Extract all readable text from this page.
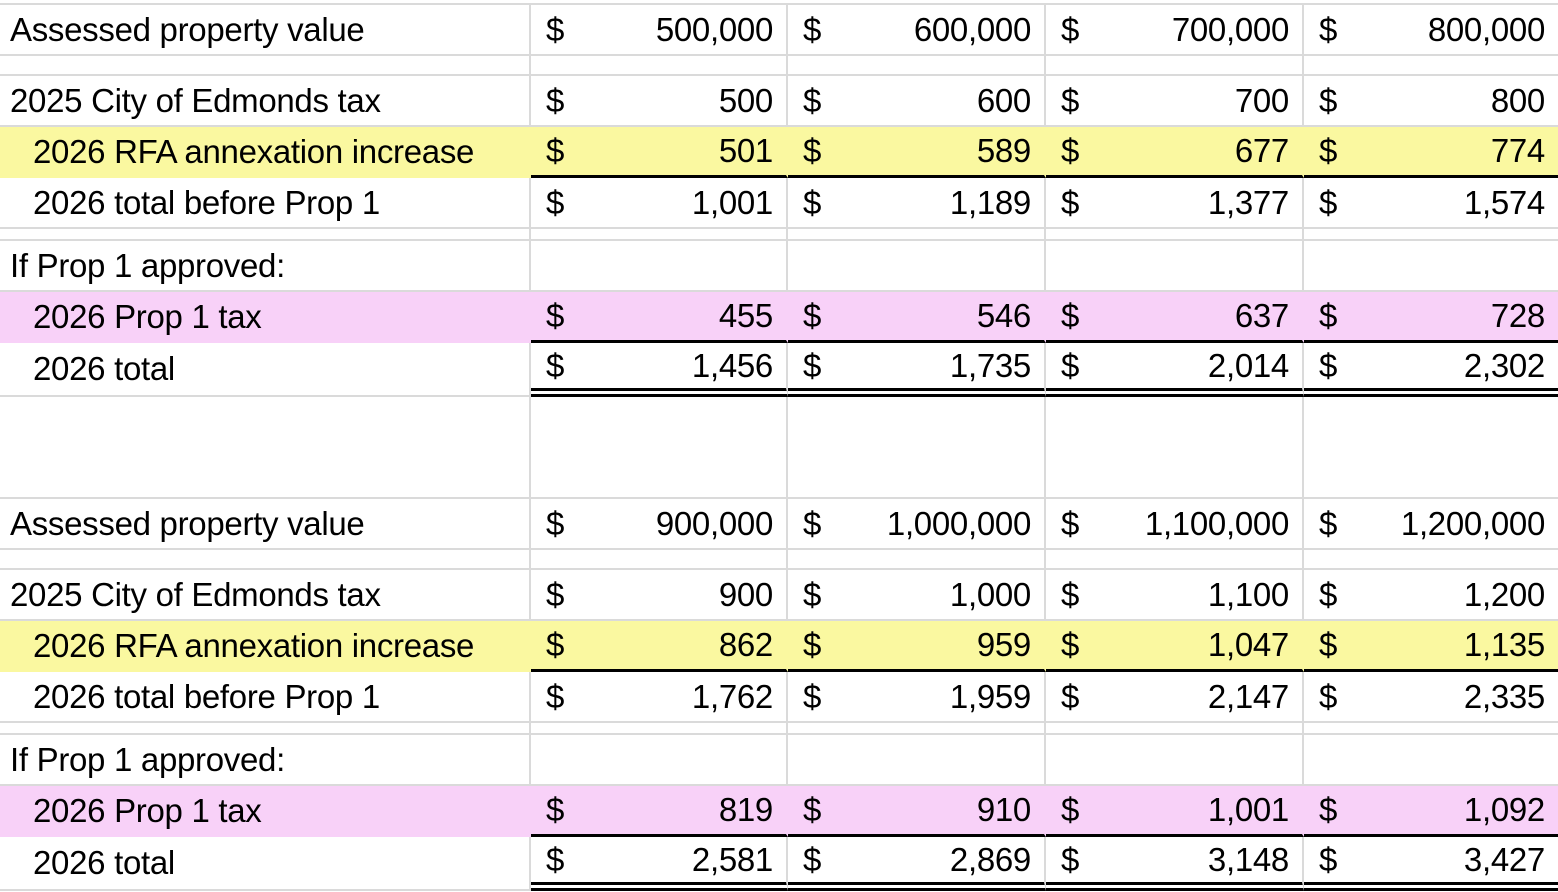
Assessed property value	$	500,000 $	600,000 $	700,000 $	800,000
2025 City of Edmonds tax	$	500 $	600 $	700 $	800
2026 RFA annexation increase	$	501 $	589 $	677 $	774
2026 total before Prop 1	$	1,001 $	1,189 $	1,377 $	1,574
If Prop 1 approved:
2026 Prop 1 tax	$	455 $	546 $	637 $	728
2026 total	$	1,456 $	1,735 $	2,014 $	2,302
Assessed property value	$	900,000 $ 1,000,000 $ 1,100,000 $ 1,200,000
2025 City of Edmonds tax	$	900 $	1,000 $	1,100 $	1,200
2026 RFA annexation increase	$	862 $	959 $	1,047 $	1,135
2026 total before Prop 1	$	1,762 $	1,959 $	2,147 $	2,335
If Prop 1 approved:
2026 Prop 1 tax	$	819 $	910 $	1,001 $	1,092
2026 total	$	2,581 $	2,869 $	3,148 $	3,427
